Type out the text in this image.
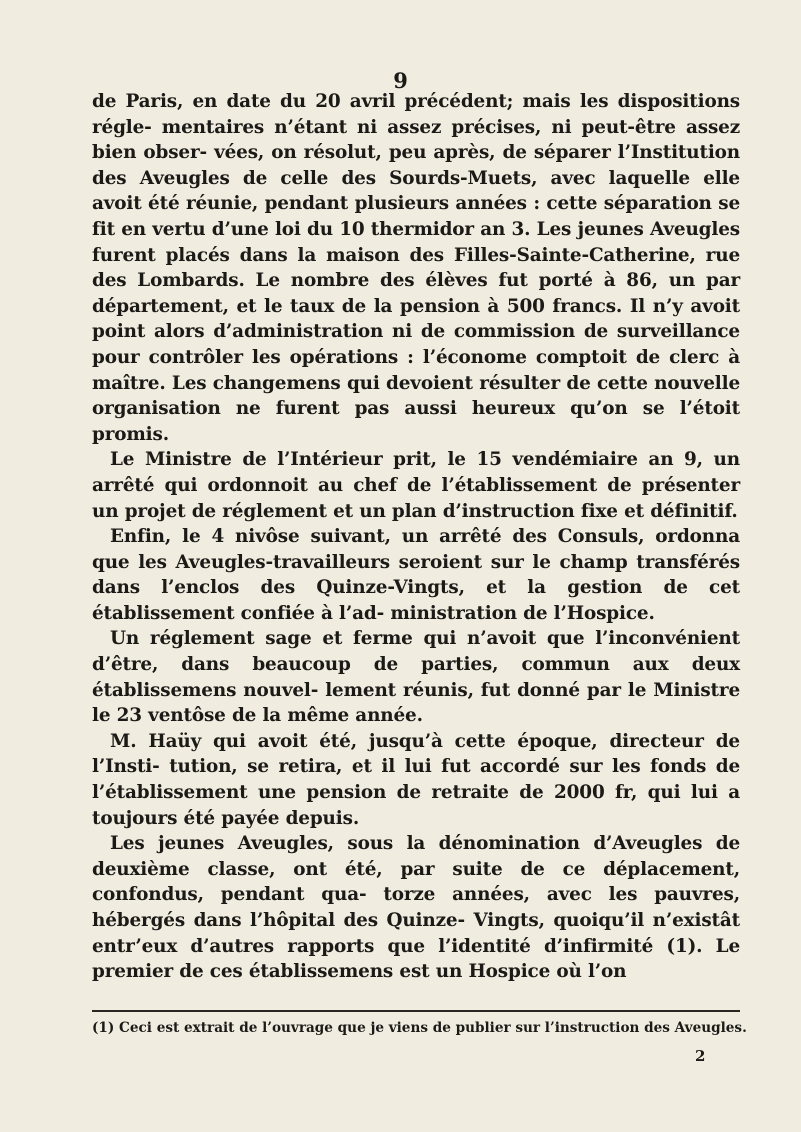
9

de Paris, en date du 20 avril précédent; mais les dispositions régle- mentaires n’étant ni assez précises, ni peut-être assez bien obser- vées, on résolut, peu après, de séparer l’Institution des Aveugles de celle des Sourds-Muets, avec laquelle elle avoit été réunie, pendant plusieurs années : cette séparation se fit en vertu d’une loi du 10 thermidor an 3. Les jeunes Aveugles furent placés dans la maison des Filles-Sainte-Catherine, rue des Lombards. Le nombre des élèves fut porté à 86, un par département, et le taux de la pension à 500 francs. Il n’y avoit point alors d’administration ni de commission de surveillance pour contrôler les opérations : l’économe comptoit de clerc à maître. Les changemens qui devoient résulter de cette nouvelle organisation ne furent pas aussi heureux qu’on se l’étoit promis.

Le Ministre de l’Intérieur prit, le 15 vendémiaire an 9, un arrêté qui ordonnoit au chef de l’établissement de présenter un projet de réglement et un plan d’instruction fixe et définitif.

Enfin, le 4 nivôse suivant, un arrêté des Consuls, ordonna que les Aveugles-travailleurs seroient sur le champ transférés dans l’enclos des Quinze-Vingts, et la gestion de cet établissement confiée à l’ad- ministration de l’Hospice.

Un réglement sage et ferme qui n’avoit que l’inconvénient d’être, dans beaucoup de parties, commun aux deux établissemens nouvel- lement réunis, fut donné par le Ministre le 23 ventôse de la même année.

M. Haüy qui avoit été, jusqu’à cette époque, directeur de l’Insti- tution, se retira, et il lui fut accordé sur les fonds de l’établissement une pension de retraite de 2000 fr, qui lui a toujours été payée depuis.

Les jeunes Aveugles, sous la dénomination d’Aveugles de deuxième classe, ont été, par suite de ce déplacement, confondus, pendant qua- torze années, avec les pauvres, hébergés dans l’hôpital des Quinze- Vingts, quoiqu’il n’existât entr’eux d’autres rapports que l’identité d’infirmité (1). Le premier de ces établissemens est un Hospice où l’on

(1) Ceci est extrait de l’ouvrage que je viens de publier sur l’instruction des Aveugles.
2
